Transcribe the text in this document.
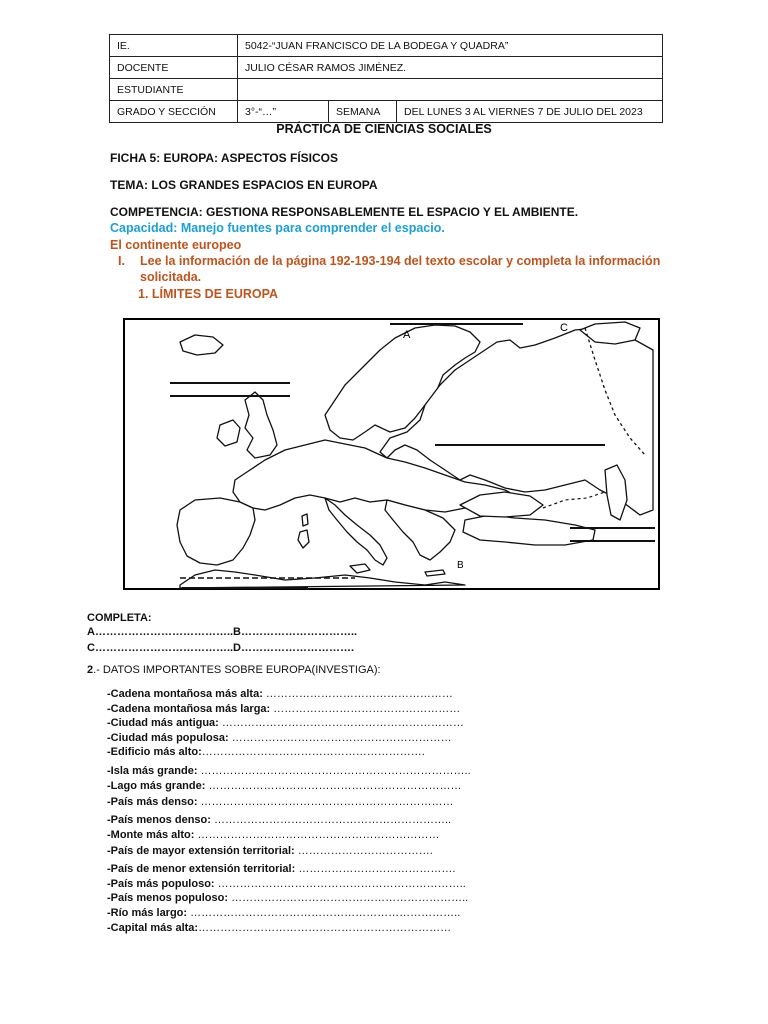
IE.	5042-“JUAN FRANCISCO DE LA BODEGA Y QUADRA”		
DOCENTE	JULIO CÉSAR RAMOS JIMÉNEZ.		
ESTUDIANTE			
GRADO Y SECCIÓN	3°-“…”	SEMANA	DEL LUNES 3 AL VIERNES 7 DE JULIO DEL 2023
PRÁCTICA DE CIENCIAS SOCIALES
FICHA 5: EUROPA: ASPECTOS FÍSICOS
TEMA: LOS GRANDES ESPACIOS EN EUROPA
COMPETENCIA: GESTIONA RESPONSABLEMENTE EL ESPACIO Y EL AMBIENTE.
Capacidad: Manejo fuentes para comprender el espacio.
El continente europeo
I. Lee la información de la página 192-193-194 del texto escolar y completa la información
solicitada.
1. LÍMITES DE EUROPA
A
C
B
COMPLETA:
A………………………………..B…………………………..
C………………………………..D………………………….
2.- DATOS IMPORTANTES SOBRE EUROPA(INVESTIGA):
-Cadena montañosa más alta: ……………………………………………
-Cadena montañosa más larga: ……………………………………………
-Ciudad más antigua: …………………………………………………………
-Ciudad más populosa: ……………………………………………………
-Edificio más alto:…………………………………………………….
-Isla más grande: ………………………………………………………………..
-Lago más grande: ……………………………………………………………
-País más denso: ……………………………………………………………
-País menos denso: ………………………………………………………..
-Monte más alto: …………………………………………………………
-País de mayor extensión territorial: ……………………………….
-País de menor extensión territorial: …………………………………….
-País más populoso: …………………………………………………………..
-País menos populoso: ………………………………………………………..
-Río más largo: ………………………………………………………………..
-Capital más alta:……………………………………………………………
